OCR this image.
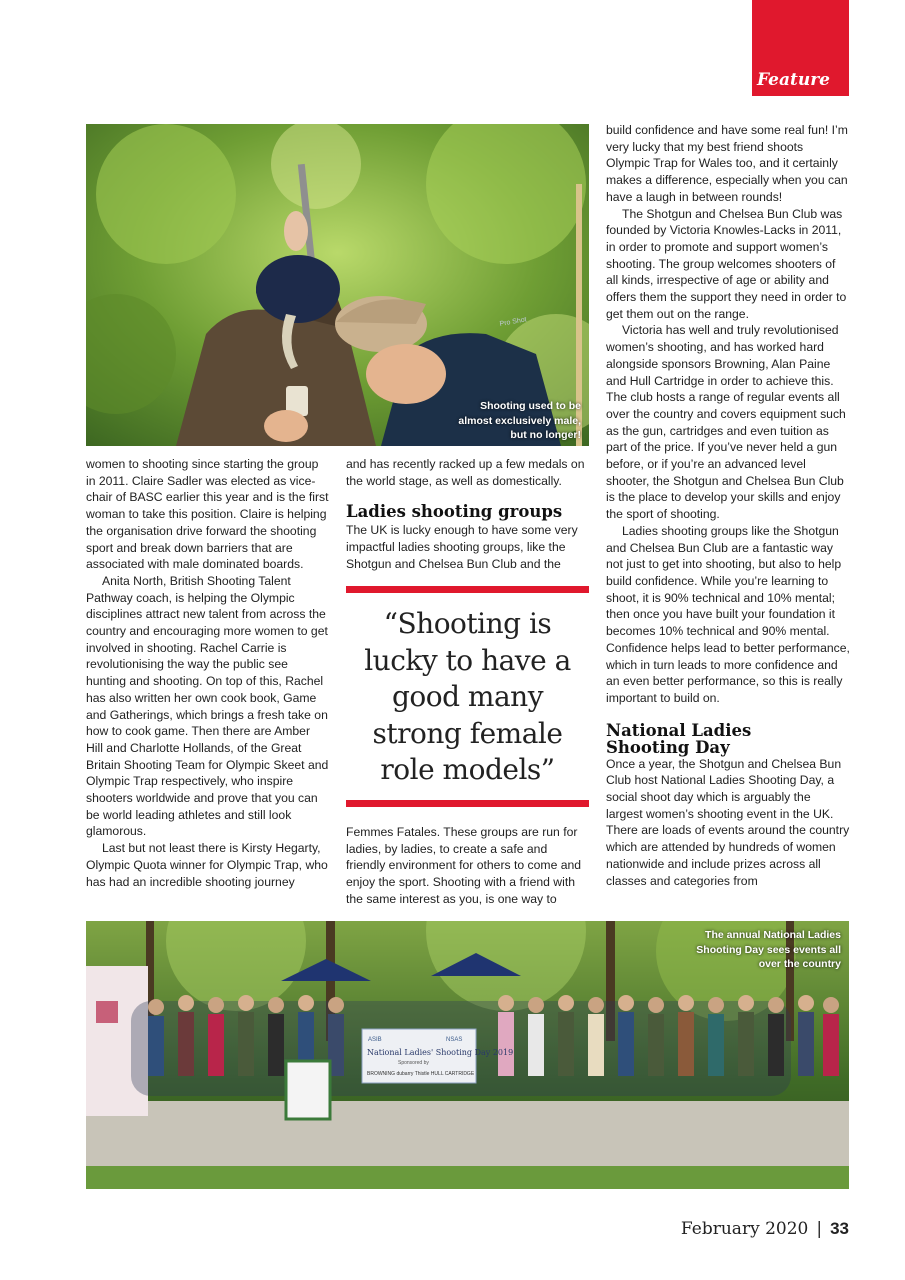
Feature
Pro Shot
Shooting used to be almost exclusively male, but no longer!

women to shooting since starting the group in 2011. Claire Sadler was elected as vice-chair of BASC earlier this year and is the first woman to take this position. Claire is helping the organisation drive forward the shooting sport and break down barriers that are associated with male dominated boards.

Anita North, British Shooting Talent Pathway coach, is helping the Olympic disciplines attract new talent from across the country and encouraging more women to get involved in shooting. Rachel Carrie is revolutionising the way the public see hunting and shooting. On top of this, Rachel has also written her own cook book, Game and Gatherings, which brings a fresh take on how to cook game. Then there are Amber Hill and Charlotte Hollands, of the Great Britain Shooting Team for Olympic Skeet and Olympic Trap respectively, who inspire shooters worldwide and prove that you can be world leading athletes and still look glamorous.

Last but not least there is Kirsty Hegarty, Olympic Quota winner for Olympic Trap, who has had an incredible shooting journey

and has recently racked up a few medals on the world stage, as well as domestically.

Ladies shooting groups

The UK is lucky enough to have some very impactful ladies shooting groups, like the Shotgun and Chelsea Bun Club and the

“Shooting is lucky to have a good many strong female role models”

Femmes Fatales. These groups are run for ladies, by ladies, to create a safe and friendly environment for others to come and enjoy the sport. Shooting with a friend with the same interest as you, is one way to

build confidence and have some real fun! I’m very lucky that my best friend shoots Olympic Trap for Wales too, and it certainly makes a difference, especially when you can have a laugh in between rounds!

The Shotgun and Chelsea Bun Club was founded by Victoria Knowles-Lacks in 2011, in order to promote and support women’s shooting. The group welcomes shooters of all kinds, irrespective of age or ability and offers them the support they need in order to get them out on the range.

Victoria has well and truly revolutionised women’s shooting, and has worked hard alongside sponsors Browning, Alan Paine and Hull Cartridge in order to achieve this. The club hosts a range of regular events all over the country and covers equipment such as the gun, cartridges and even tuition as part of the price. If you’ve never held a gun before, or if you’re an advanced level shooter, the Shotgun and Chelsea Bun Club is the place to develop your skills and enjoy the sport of shooting.

Ladies shooting groups like the Shotgun and Chelsea Bun Club are a fantastic way not just to get into shooting, but also to help build confidence. While you’re learning to shoot, it is 90% technical and 10% mental; then once you have built your foundation it becomes 10% technical and 90% mental. Confidence helps lead to better performance, which in turn leads to more confidence and an even better performance, so this is really important to build on.

National Ladies
Shooting Day

Once a year, the Shotgun and Chelsea Bun Club host National Ladies Shooting Day, a social shoot day which is arguably the largest women’s shooting event in the UK. There are loads of events around the country which are attended by hundreds of women nationwide and include prizes across all classes and categories from

ASIB	NSAS
National Ladies' Shooting Day 2019
Sponsored by
BROWNING dubarry Thistle HULL CARTRIDGE
The annual National Ladies Shooting Day sees events all over the country
February 2020 | 33
